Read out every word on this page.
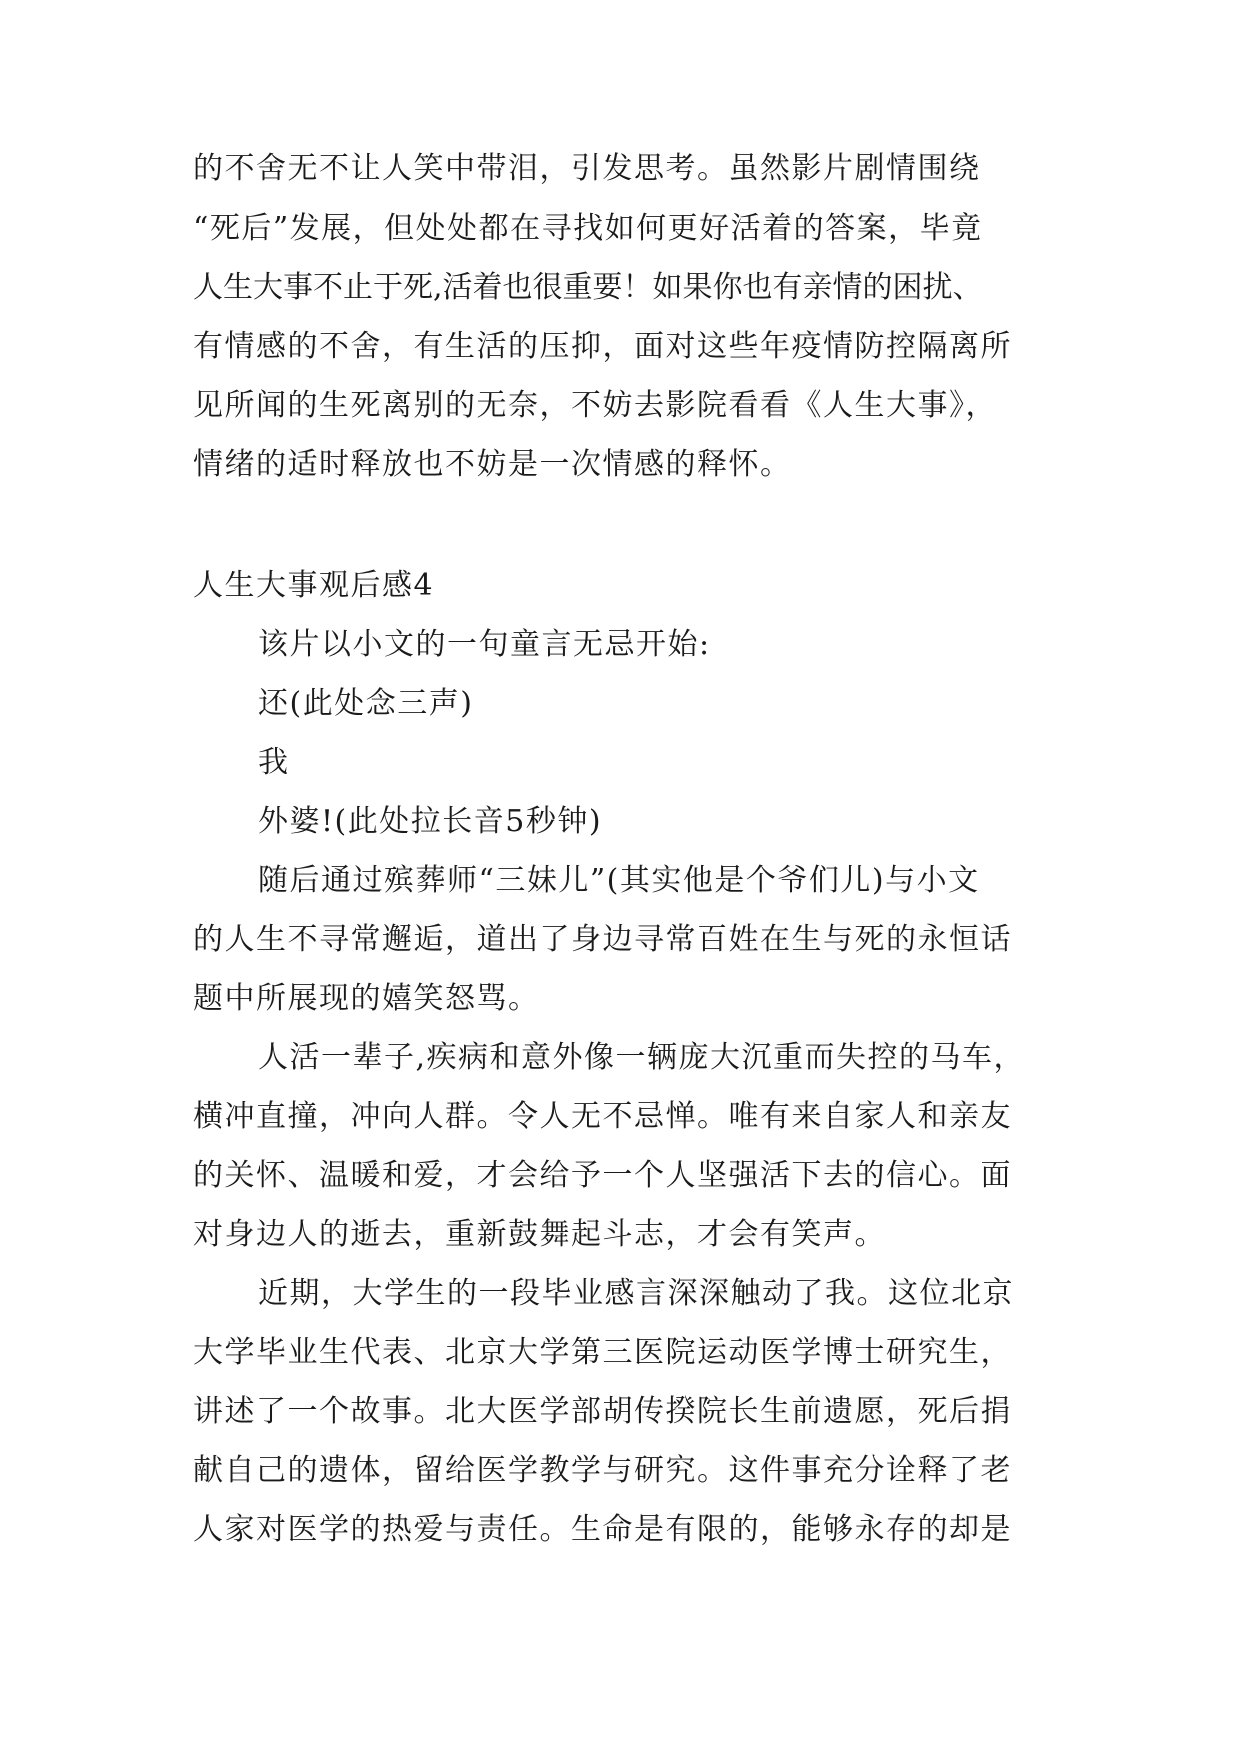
的不舍无不让人笑中带泪，引发思考。虽然影片剧情围绕
“死后”发展，但处处都在寻找如何更好活着的答案，毕竟
人生大事不止于死,活着也很重要！如果你也有亲情的困扰、
有情感的不舍，有生活的压抑，面对这些年疫情防控隔离所
见所闻的生死离别的无奈，不妨去影院看看《人生大事》，
情绪的适时释放也不妨是一次情感的释怀。
人生大事观后感4
该片以小文的一句童言无忌开始:
还(此处念三声)
我
外婆!(此处拉长音5秒钟)
随后通过殡葬师“三妹儿”(其实他是个爷们儿)与小文
的人生不寻常邂逅，道出了身边寻常百姓在生与死的永恒话
题中所展现的嬉笑怒骂。
人活一辈子,疾病和意外像一辆庞大沉重而失控的马车，
横冲直撞，冲向人群。令人无不忌惮。唯有来自家人和亲友
的关怀、温暖和爱，才会给予一个人坚强活下去的信心。面
对身边人的逝去，重新鼓舞起斗志，才会有笑声。
近期，大学生的一段毕业感言深深触动了我。这位北京
大学毕业生代表、北京大学第三医院运动医学博士研究生，
讲述了一个故事。北大医学部胡传揆院长生前遗愿，死后捐
献自己的遗体，留给医学教学与研究。这件事充分诠释了老
人家对医学的热爱与责任。生命是有限的，能够永存的却是
